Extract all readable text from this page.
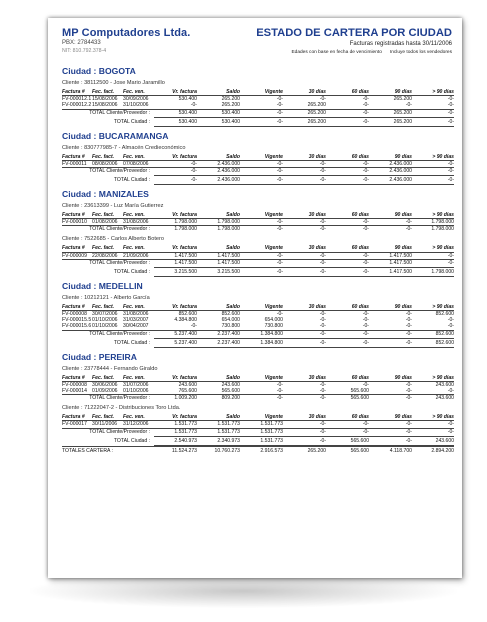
MP Computadores Ltda.
PBX: 2784433
NIT: 810.792.378-4
ESTADO DE CARTERA POR CIUDAD
Facturas registradas hasta 30/11/2006
Edades con base en fecha de vencimiento Incluye todos los vendedores
Ciudad : BOGOTA
Cliente : 38112500 - Jose Mario Jaramillo
Factura #	Fec. fact.	Fec. ven.	Vr. factura	Saldo	Vigente	30 días	60 días	90 días	> 90 días
FV-000012.1	15/08/2006	30/09/2006	530.400	265.200	-0-	-0-	-0-	265.200	-0-
FV-000012.2	15/08/2006	31/10/2006	-0-	265.200	-0-	265.200	-0-	-0-	-0-
TOTAL Cliente/Proveedor :			530.400	530.400	-0-	265.200	-0-	265.200	-0-
TOTAL Ciudad :	530.400	530.400	-0-	265.200	-0-	265.200	-0-
Ciudad : BUCARAMANGA
Cliente : 830777985-7 - Almacén Credieconómico
Factura #	Fec. fact.	Fec. ven.	Vr. factura	Saldo	Vigente	30 días	60 días	90 días	> 90 días
FV-000011	08/08/2006	07/08/2006	-0-	2.436.000	-0-	-0-	-0-	2.436.000	-0-
TOTAL Cliente/Proveedor :			-0-	2.436.000	-0-	-0-	-0-	2.436.000	-0-
TOTAL Ciudad :	-0-	2.436.000	-0-	-0-	-0-	2.436.000	-0-
Ciudad : MANIZALES
Cliente : 23613399 - Luz María Gutierrez
Factura #	Fec. fact.	Fec. ven.	Vr. factura	Saldo	Vigente	30 días	60 días	90 días	> 90 días
FV-000010	01/08/2006	31/08/2006	1.798.000	1.798.000	-0-	-0-	-0-	-0-	1.798.000
TOTAL Cliente/Proveedor :			1.798.000	1.798.000	-0-	-0-	-0-	-0-	1.798.000
Cliente : 7522685 - Carlos Alberto Botero
Factura #	Fec. fact.	Fec. ven.	Vr. factura	Saldo	Vigente	30 días	60 días	90 días	> 90 días
FV-000009	22/08/2006	21/09/2006	1.417.500	1.417.500	-0-	-0-	-0-	1.417.500	-0-
TOTAL Cliente/Proveedor :			1.417.500	1.417.500	-0-	-0-	-0-	1.417.500	-0-
TOTAL Ciudad :	3.215.500	3.215.500	-0-	-0-	-0-	1.417.500	1.798.000
Ciudad : MEDELLIN
Cliente : 10212121 - Alberto García
Factura #	Fec. fact.	Fec. ven.	Vr. factura	Saldo	Vigente	30 días	60 días	90 días	> 90 días
FV-000008	30/07/2006	31/08/2006	852.600	852.600	-0-	-0-	-0-	-0-	852.600
FV-000015.5	01/10/2006	31/03/2007	4.384.800	654.000	654.000	-0-	-0-	-0-	-0-
FV-000015.6	01/10/2006	30/04/2007	-0-	730.800	730.800	-0-	-0-	-0-	-0-
TOTAL Cliente/Proveedor :			5.237.400	2.237.400	1.384.800	-0-	-0-	-0-	852.600
TOTAL Ciudad :	5.237.400	2.237.400	1.384.800	-0-	-0-	-0-	852.600
Ciudad : PEREIRA
Cliente : 23778444 - Fernando Giraldo
Factura #	Fec. fact.	Fec. ven.	Vr. factura	Saldo	Vigente	30 días	60 días	90 días	> 90 días
FV-000008	30/06/2006	31/07/2006	243.600	243.600	-0-	-0-	-0-	-0-	243.600
FV-000014	01/09/2006	01/10/2006	765.600	565.600	-0-	-0-	565.600	-0-	-0-
TOTAL Cliente/Proveedor :			1.009.200	809.200	-0-	-0-	565.600	-0-	243.600
Cliente : 71222047-2 - Distribuciones Toro Ltda.
Factura #	Fec. fact.	Fec. ven.	Vr. factura	Saldo	Vigente	30 días	60 días	90 días	> 90 días
FV-000017	30/11/2006	31/12/2006	1.531.773	1.531.773	1.531.773	-0-	-0-	-0-	-0-
TOTAL Cliente/Proveedor :			1.531.773	1.531.773	1.531.773	-0-	-0-	-0-	-0-
TOTAL Ciudad :	2.540.973	2.340.973	1.531.773	-0-	565.600	-0-	243.600
TOTALES CARTERA :	11.524.273	10.760.273	2.916.573	265.200	565.600	4.118.700	2.894.200
